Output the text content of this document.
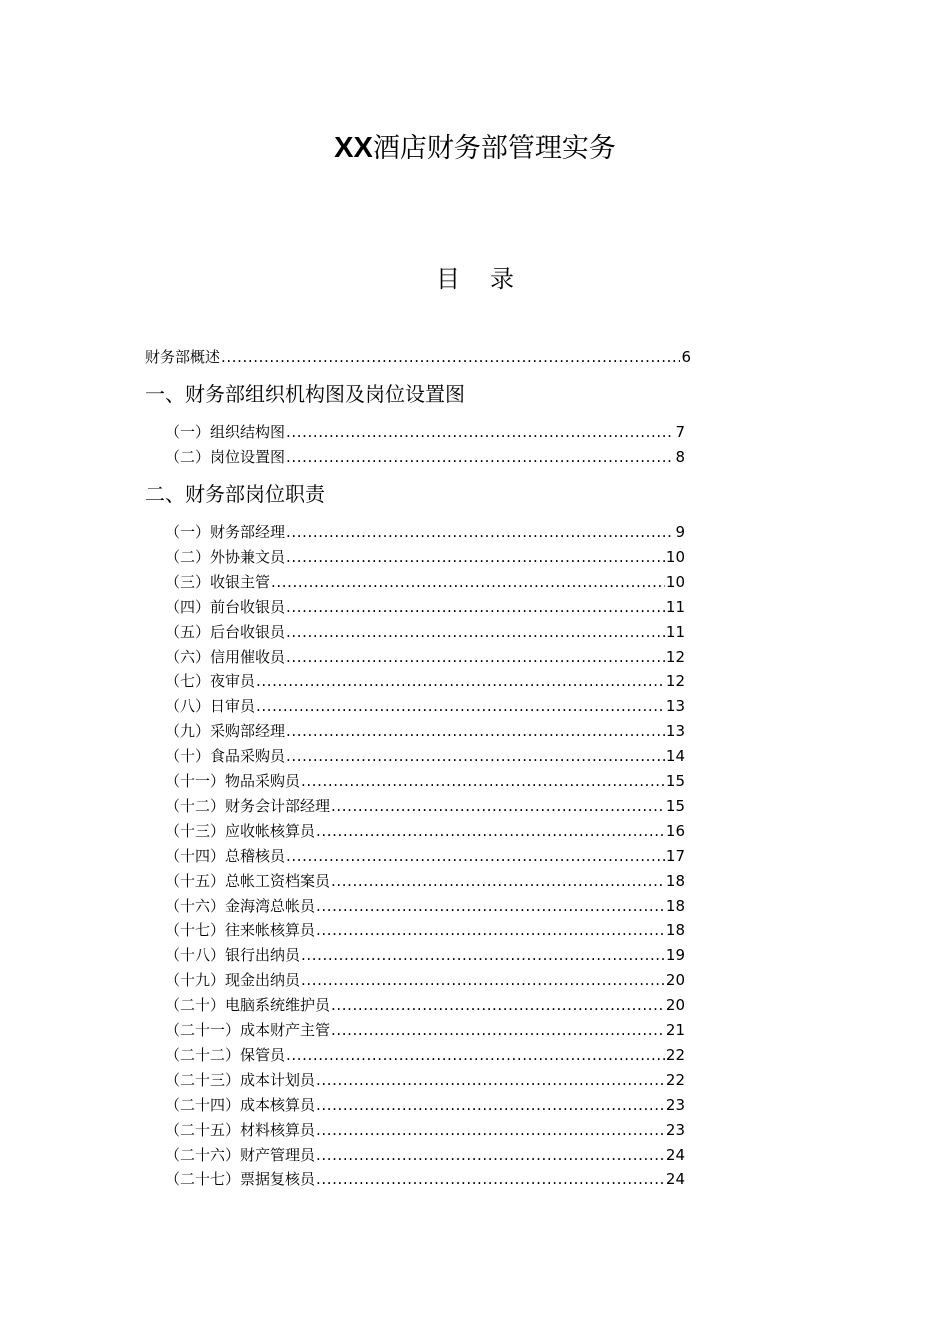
XX酒店财务部管理实务
目录
财务部概述 .....	6
一、财务部组织机构图及岗位设置图
（一）组织结构图 .....	7
（二）岗位设置图 .....	8
二、财务部岗位职责
（一）财务部经理 .....	9
（二）外协兼文员 .....	10
（三）收银主管 .....	10
（四）前台收银员 .....	11
（五）后台收银员 .....	11
（六）信用催收员 .....	12
（七）夜审员 .....	12
（八）日审员 .....	13
（九）采购部经理 .....	13
（十）食品采购员 .....	14
（十一）物品采购员 .....	15
（十二）财务会计部经理 .....	15
（十三）应收帐核算员 .....	16
（十四）总稽核员 .....	17
（十五）总帐工资档案员 .....	18
（十六）金海湾总帐员 .....	18
（十七）往来帐核算员 .....	18
（十八）银行出纳员 .....	19
（十九）现金出纳员 .....	20
（二十）电脑系统维护员 .....	20
（二十一）成本财产主管 .....	21
（二十二）保管员 .....	22
（二十三）成本计划员 .....	22
（二十四）成本核算员 .....	23
（二十五）材料核算员 .....	23
（二十六）财产管理员 .....	24
（二十七）票据复核员 .....	24
